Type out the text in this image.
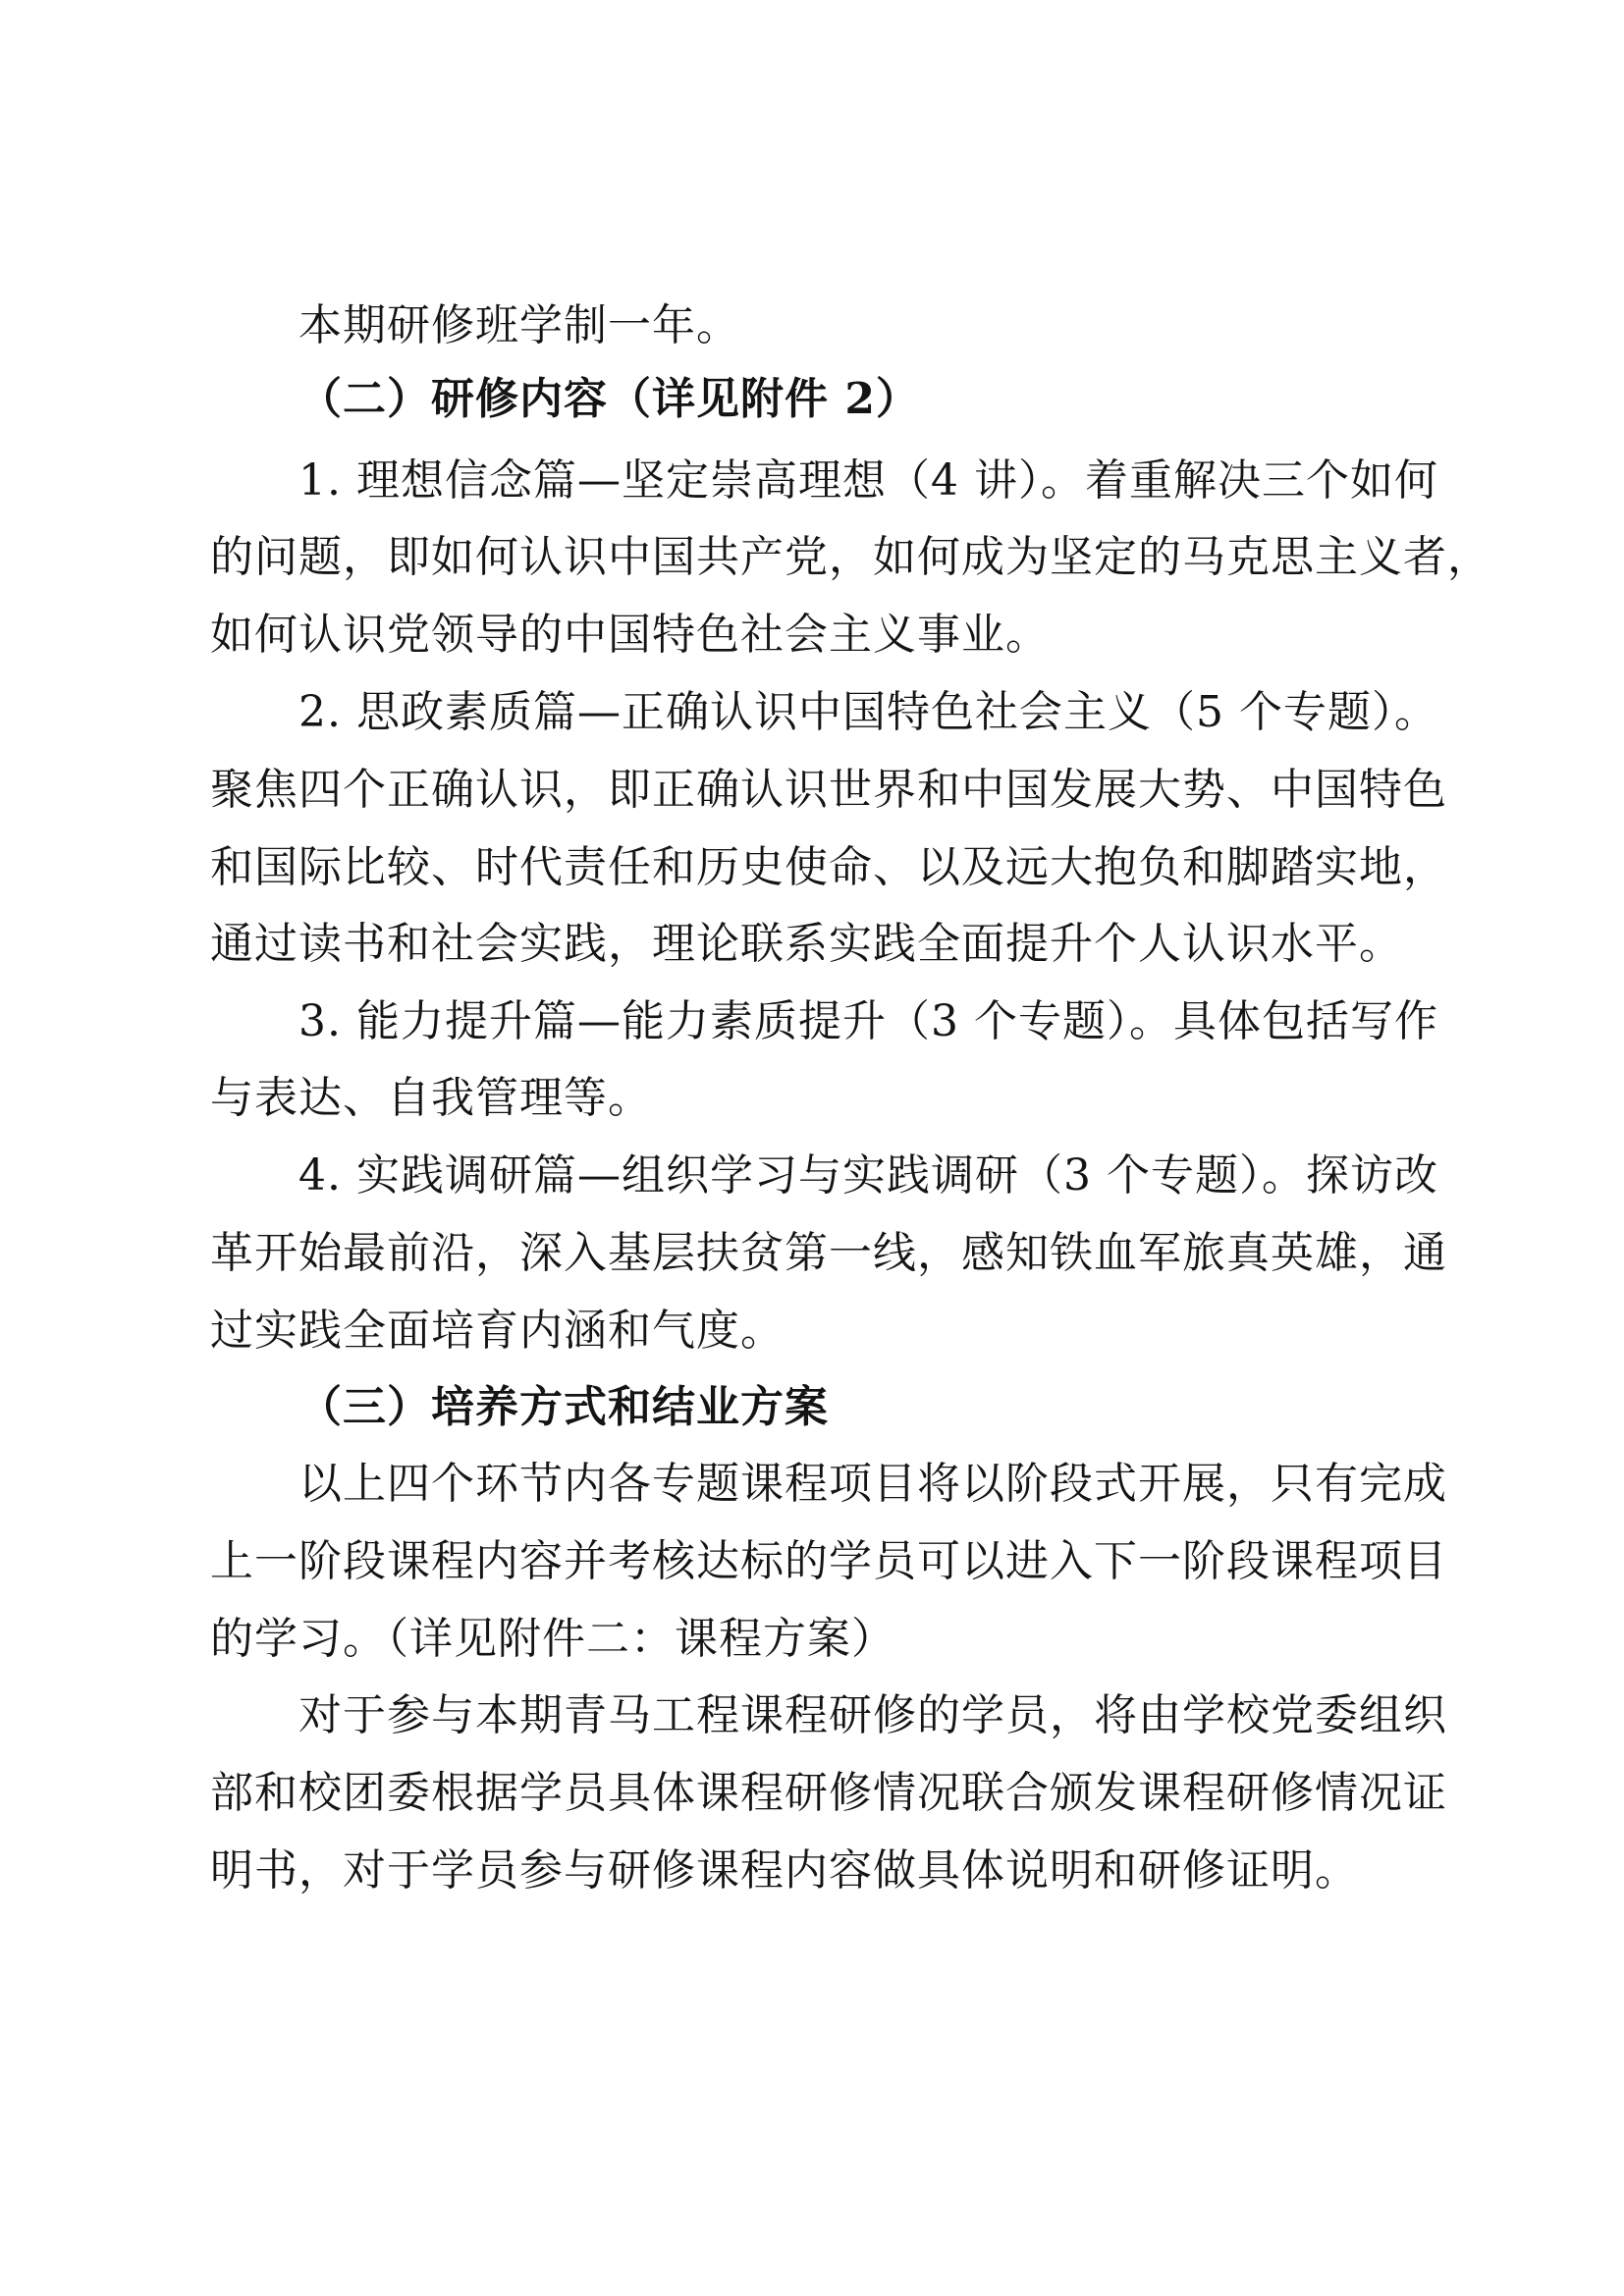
本期研修班学制一年。
（二）研修内容（详见附件 2）
1. 理想信念篇—坚定崇高理想（4 讲）。着重解决三个如何
的问题，即如何认识中国共产党，如何成为坚定的马克思主义者，
如何认识党领导的中国特色社会主义事业。
2. 思政素质篇—正确认识中国特色社会主义（5 个专题）。
聚焦四个正确认识，即正确认识世界和中国发展大势、中国特色
和国际比较、时代责任和历史使命、以及远大抱负和脚踏实地，
通过读书和社会实践，理论联系实践全面提升个人认识水平。
3. 能力提升篇—能力素质提升（3 个专题）。具体包括写作
与表达、自我管理等。
4. 实践调研篇—组织学习与实践调研（3 个专题）。探访改
革开始最前沿，深入基层扶贫第一线，感知铁血军旅真英雄，通
过实践全面培育内涵和气度。
（三）培养方式和结业方案
以上四个环节内各专题课程项目将以阶段式开展，只有完成
上一阶段课程内容并考核达标的学员可以进入下一阶段课程项目
的学习。（详见附件二：课程方案）
对于参与本期青马工程课程研修的学员，将由学校党委组织
部和校团委根据学员具体课程研修情况联合颁发课程研修情况证
明书，对于学员参与研修课程内容做具体说明和研修证明。
